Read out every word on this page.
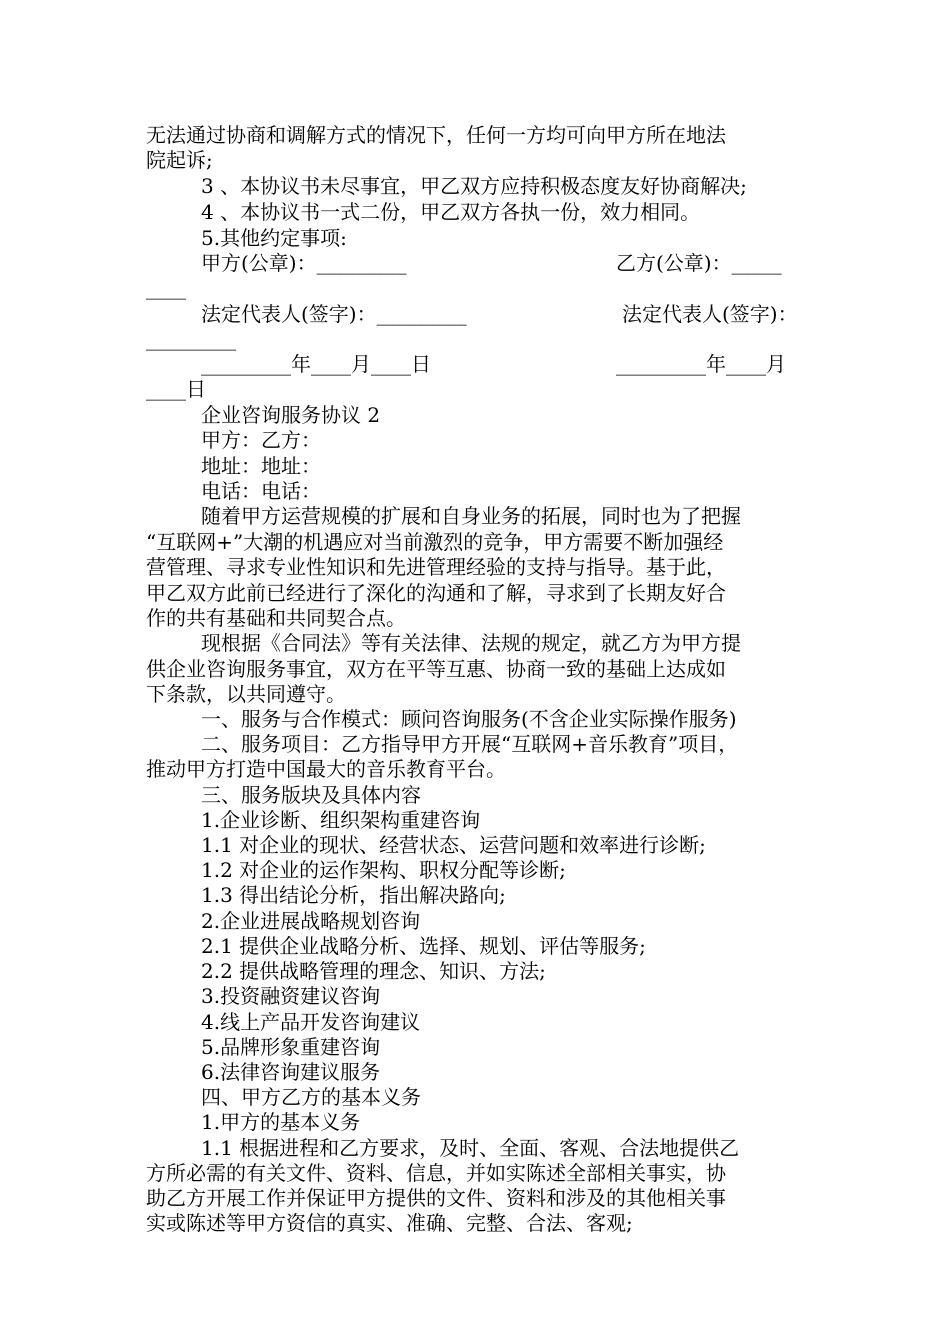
无法通过协商和调解方式的情况下，任何一方均可向甲方所在地法
院起诉;
3 、本协议书未尽事宜，甲乙双方应持积极态度友好协商解决;
4 、本协议书一式二份，甲乙双方各执一份，效力相同。
5.其他约定事项:
甲方(公章)：_________	乙方(公章)：_____
____
法定代表人(签字)：_________	法定代表人(签字)：
_________
_________年____月____日	_________年____月
____日
企业咨询服务协议 2
甲方：乙方：
地址：地址：
电话：电话：
随着甲方运营规模的扩展和自身业务的拓展，同时也为了把握
“互联网+”大潮的机遇应对当前激烈的竞争，甲方需要不断加强经
营管理、寻求专业性知识和先进管理经验的支持与指导。基于此，
甲乙双方此前已经进行了深化的沟通和了解，寻求到了长期友好合
作的共有基础和共同契合点。
现根据《合同法》等有关法律、法规的规定，就乙方为甲方提
供企业咨询服务事宜，双方在平等互惠、协商一致的基础上达成如
下条款，以共同遵守。
一、服务与合作模式：顾问咨询服务(不含企业实际操作服务)
二、服务项目：乙方指导甲方开展“互联网+音乐教育”项目，
推动甲方打造中国最大的音乐教育平台。
三、服务版块及具体内容
1.企业诊断、组织架构重建咨询
1.1 对企业的现状、经营状态、运营问题和效率进行诊断;
1.2 对企业的运作架构、职权分配等诊断;
1.3 得出结论分析，指出解决路向;
2.企业进展战略规划咨询
2.1 提供企业战略分析、选择、规划、评估等服务;
2.2 提供战略管理的理念、知识、方法;
3.投资融资建议咨询
4.线上产品开发咨询建议
5.品牌形象重建咨询
6.法律咨询建议服务
四、甲方乙方的基本义务
1.甲方的基本义务
1.1 根据进程和乙方要求，及时、全面、客观、合法地提供乙
方所必需的有关文件、资料、信息，并如实陈述全部相关事实，协
助乙方开展工作并保证甲方提供的文件、资料和涉及的其他相关事
实或陈述等甲方资信的真实、准确、完整、合法、客观;
